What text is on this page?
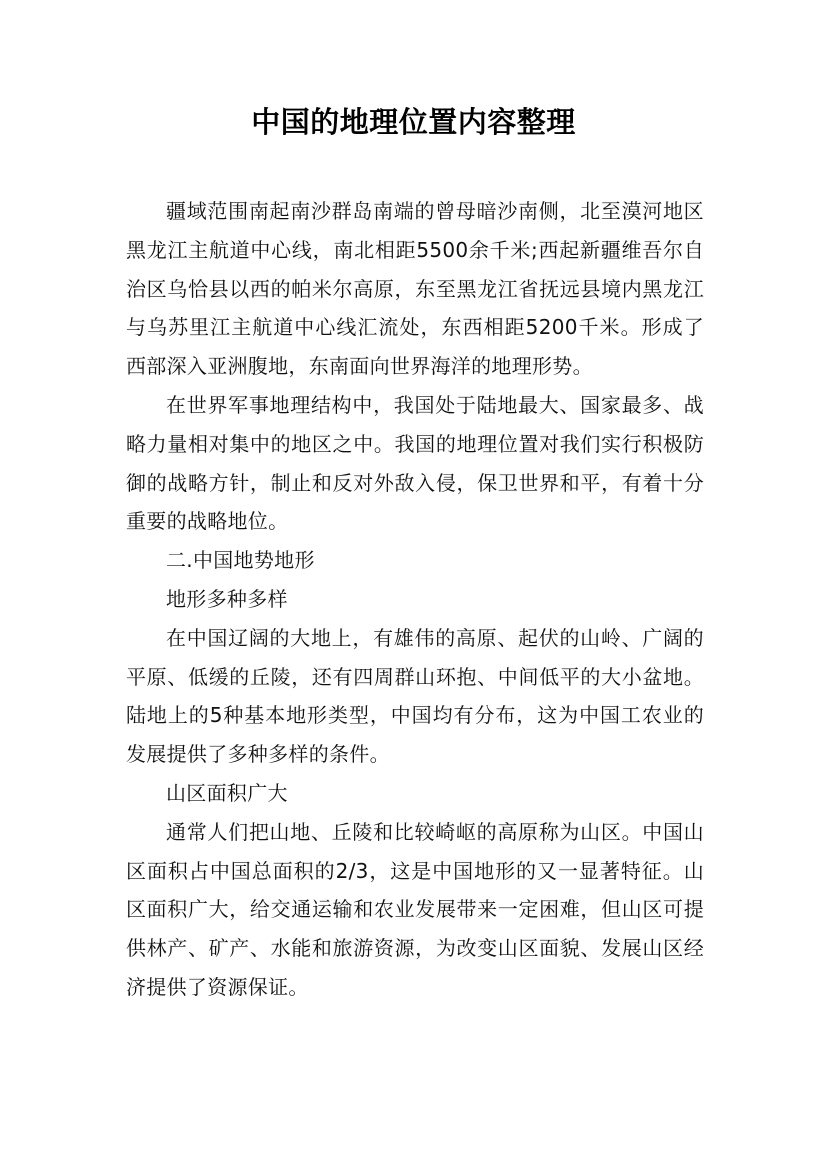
中国的地理位置内容整理

疆域范围南起南沙群岛南端的曾母暗沙南侧，北至漠河地区黑龙江主航道中心线，南北相距5500余千米;西起新疆维吾尔自治区乌恰县以西的帕米尔高原，东至黑龙江省抚远县境内黑龙江与乌苏里江主航道中心线汇流处，东西相距5200千米。形成了西部深入亚洲腹地，东南面向世界海洋的地理形势。

在世界军事地理结构中，我国处于陆地最大、国家最多、战略力量相对集中的地区之中。我国的地理位置对我们实行积极防御的战略方针，制止和反对外敌入侵，保卫世界和平，有着十分重要的战略地位。

二.中国地势地形

地形多种多样

在中国辽阔的大地上，有雄伟的高原、起伏的山岭、广阔的平原、低缓的丘陵，还有四周群山环抱、中间低平的大小盆地。陆地上的5种基本地形类型，中国均有分布，这为中国工农业的发展提供了多种多样的条件。

山区面积广大

通常人们把山地、丘陵和比较崎岖的高原称为山区。中国山区面积占中国总面积的2/3，这是中国地形的又一显著特征。山区面积广大，给交通运输和农业发展带来一定困难，但山区可提供林产、矿产、水能和旅游资源，为改变山区面貌、发展山区经济提供了资源保证。
